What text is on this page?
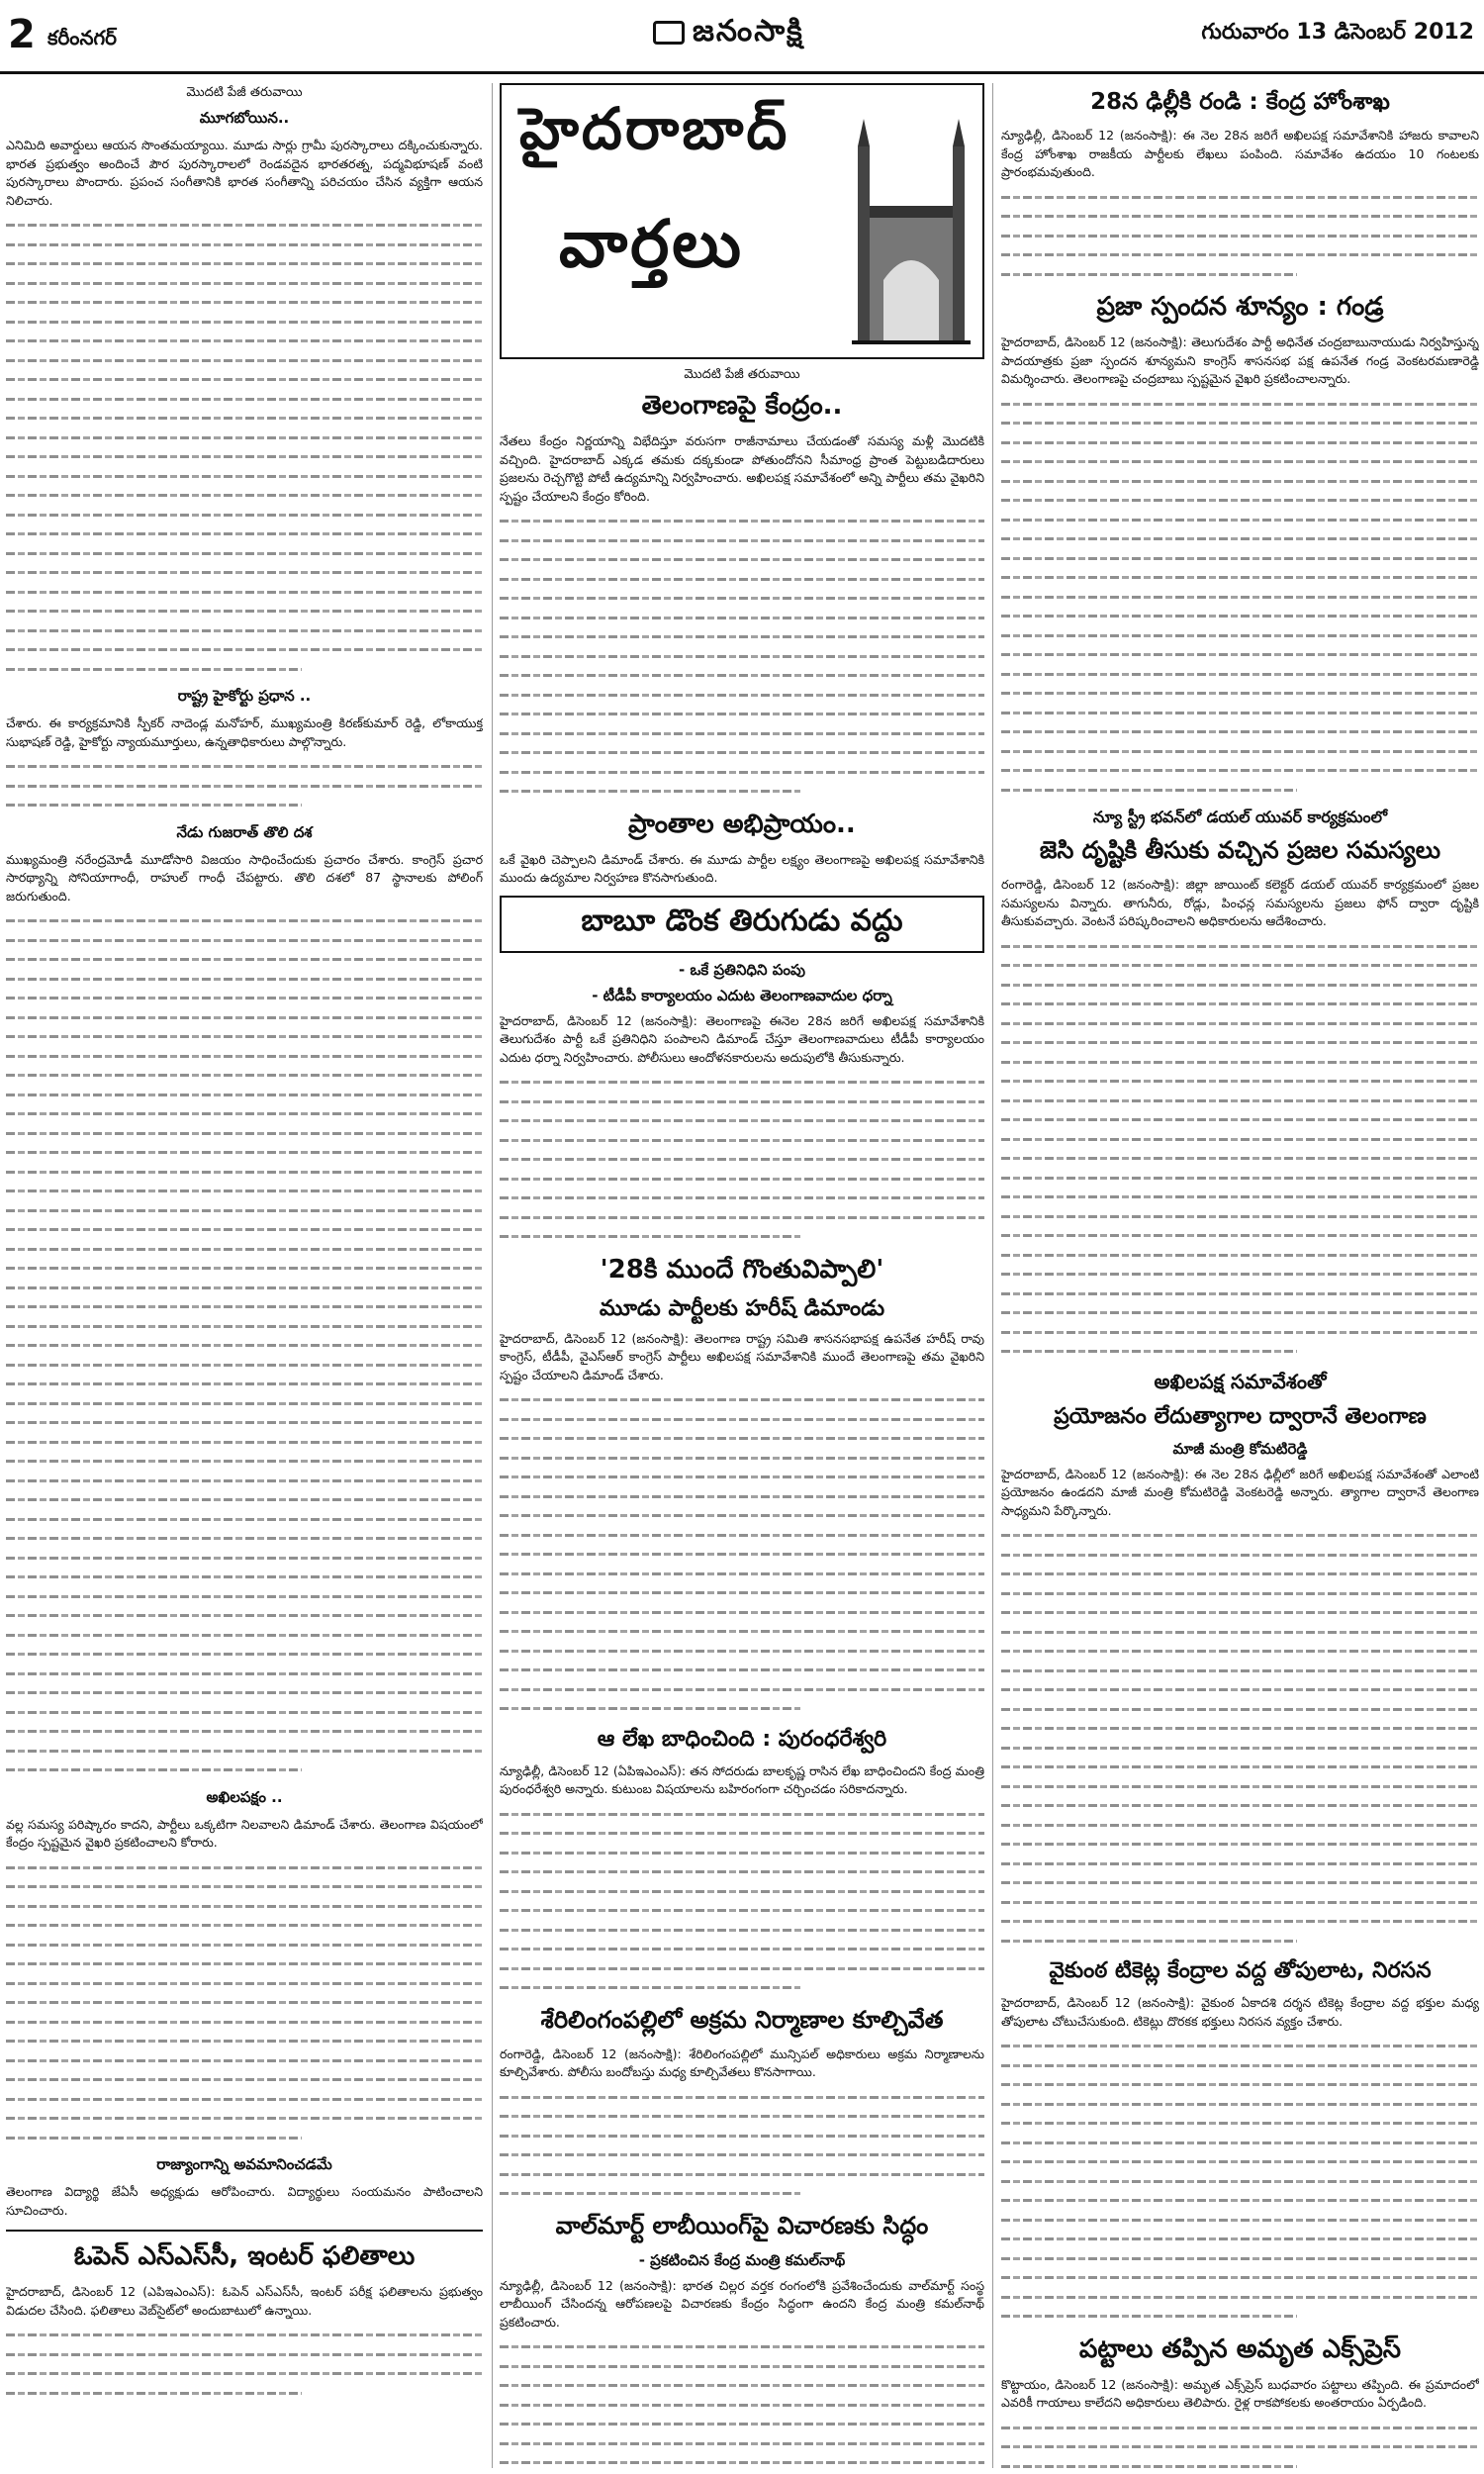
2 కరీంనగర్	జనంసాక్షి	గురువారం 13 డిసెంబర్ 2012
మొదటి పేజీ తరువాయి
మూగబోయిన..

ఎనిమిది అవార్డులు ఆయన సొంతమయ్యాయి. మూడు సార్లు గ్రామీ పురస్కారాలు దక్కించుకున్నారు. భారత ప్రభుత్వం అందించే పౌర పురస్కారాలలో రెండవదైన భారతరత్న, పద్మవిభూషణ్ వంటి పురస్కారాలు పొందారు. ప్రపంచ సంగీతానికి భారత సంగీతాన్ని పరిచయం చేసిన వ్యక్తిగా ఆయన నిలిచారు.

రాష్ట్ర హైకోర్టు ప్రధాన ..

చేశారు. ఈ కార్యక్రమానికి స్పీకర్ నాదెండ్ల మనోహర్, ముఖ్యమంత్రి కిరణ్‌కుమార్ రెడ్డి, లోకాయుక్త సుభాషణ్ రెడ్డి, హైకోర్టు న్యాయమూర్తులు, ఉన్నతాధికారులు పాల్గొన్నారు.

నేడు గుజరాత్ తొలి దశ

ముఖ్యమంత్రి నరేంద్రమోడీ మూడోసారి విజయం సాధించేందుకు ప్రచారం చేశారు. కాంగ్రెస్ ప్రచార సారథ్యాన్ని సోనియాగాంధీ, రాహుల్ గాంధీ చేపట్టారు. తొలి దశలో 87 స్థానాలకు పోలింగ్ జరుగుతుంది.

అఖిలపక్షం ..

వల్ల సమస్య పరిష్కారం కాదని, పార్టీలు ఒక్కటిగా నిలవాలని డిమాండ్ చేశారు. తెలంగాణ విషయంలో కేంద్రం స్పష్టమైన వైఖరి ప్రకటించాలని కోరారు.

రాజ్యాంగాన్ని అవమానించడమే

తెలంగాణ విద్యార్థి జేఏసీ అధ్యక్షుడు ఆరోపించారు. విద్యార్థులు సంయమనం పాటించాలని సూచించారు.

ఓపెన్ ఎస్ఎస్‌సీ, ఇంటర్ ఫలితాలు

హైదరాబాద్, డిసెంబర్ 12 (ఎపిఇఎంఎస్): ఓపెన్ ఎస్ఎస్‌సీ, ఇంటర్ పరీక్ష ఫలితాలను ప్రభుత్వం విడుదల చేసింది. ఫలితాలు వెబ్‌సైట్‌లో అందుబాటులో ఉన్నాయి.

హైదరాబాద్
వార్తలు
మొదటి పేజీ తరువాయి
తెలంగాణపై కేంద్రం..

నేతలు కేంద్రం నిర్ణయాన్ని విభేదిస్తూ వరుసగా రాజీనామాలు చేయడంతో సమస్య మళ్లీ మొదటికి వచ్చింది. హైదరాబాద్ ఎక్కడ తమకు దక్కకుండా పోతుందోనని సీమాంధ్ర ప్రాంత పెట్టుబడిదారులు ప్రజలను రెచ్చగొట్టి పోటీ ఉద్యమాన్ని నిర్వహించారు. అఖిలపక్ష సమావేశంలో అన్ని పార్టీలు తమ వైఖరిని స్పష్టం చేయాలని కేంద్రం కోరింది.

ప్రాంతాల అభిప్రాయం..

ఒకే వైఖరి చెప్పాలని డిమాండ్ చేశారు. ఈ మూడు పార్టీల లక్ష్యం తెలంగాణపై అఖిలపక్ష సమావేశానికి ముందు ఉద్యమాల నిర్వహణ కొనసాగుతుంది.

బాబూ డొంక తిరుగుడు వద్దు
- ఒకే ప్రతినిధిని పంపు
- టీడీపీ కార్యాలయం ఎదుట తెలంగాణవాదుల ధర్నా

హైదరాబాద్, డిసెంబర్ 12 (జనంసాక్షి): తెలంగాణపై ఈనెల 28న జరిగే అఖిలపక్ష సమావేశానికి తెలుగుదేశం పార్టీ ఒకే ప్రతినిధిని పంపాలని డిమాండ్ చేస్తూ తెలంగాణవాదులు టీడీపీ కార్యాలయం ఎదుట ధర్నా నిర్వహించారు. పోలీసులు ఆందోళనకారులను అదుపులోకి తీసుకున్నారు.

'28కి ముందే గొంతువిప్పాలి'
మూడు పార్టీలకు హరీష్ డిమాండు

హైదరాబాద్, డిసెంబర్ 12 (జనంసాక్షి): తెలంగాణ రాష్ట్ర సమితి శాసనసభాపక్ష ఉపనేత హరీష్ రావు కాంగ్రెస్, టీడీపీ, వైఎస్ఆర్ కాంగ్రెస్ పార్టీలు అఖిలపక్ష సమావేశానికి ముందే తెలంగాణపై తమ వైఖరిని స్పష్టం చేయాలని డిమాండ్ చేశారు.

ఆ లేఖ బాధించింది : పురంధరేశ్వరి

న్యూఢిల్లీ, డిసెంబర్ 12 (ఏపిఇఎంఎస్): తన సోదరుడు బాలకృష్ణ రాసిన లేఖ బాధించిందని కేంద్ర మంత్రి పురంధరేశ్వరి అన్నారు. కుటుంబ విషయాలను బహిరంగంగా చర్చించడం సరికాదన్నారు.

శేరిలింగంపల్లిలో అక్రమ నిర్మాణాల కూల్చివేత

రంగారెడ్డి, డిసెంబర్ 12 (జనంసాక్షి): శేరిలింగంపల్లిలో మున్సిపల్ అధికారులు అక్రమ నిర్మాణాలను కూల్చివేశారు. పోలీసు బందోబస్తు మధ్య కూల్చివేతలు కొనసాగాయి.

వాల్‌మార్ట్ లాబీయింగ్‌పై విచారణకు సిద్ధం
- ప్రకటించిన కేంద్ర మంత్రి కమల్‌నాథ్

న్యూఢిల్లీ, డిసెంబర్ 12 (జనంసాక్షి): భారత చిల్లర వర్తక రంగంలోకి ప్రవేశించేందుకు వాల్‌మార్ట్ సంస్థ లాబీయింగ్ చేసిందన్న ఆరోపణలపై విచారణకు కేంద్రం సిద్ధంగా ఉందని కేంద్ర మంత్రి కమల్‌నాథ్ ప్రకటించారు.

28న ఢిల్లీకి రండి : కేంద్ర హోంశాఖ

న్యూఢిల్లీ, డిసెంబర్ 12 (జనంసాక్షి): ఈ నెల 28న జరిగే అఖిలపక్ష సమావేశానికి హాజరు కావాలని కేంద్ర హోంశాఖ రాజకీయ పార్టీలకు లేఖలు పంపింది. సమావేశం ఉదయం 10 గంటలకు ప్రారంభమవుతుంది.

ప్రజా స్పందన శూన్యం : గండ్ర

హైదరాబాద్, డిసెంబర్ 12 (జనంసాక్షి): తెలుగుదేశం పార్టీ అధినేత చంద్రబాబునాయుడు నిర్వహిస్తున్న పాదయాత్రకు ప్రజా స్పందన శూన్యమని కాంగ్రెస్ శాసనసభ పక్ష ఉపనేత గండ్ర వెంకటరమణారెడ్డి విమర్శించారు. తెలంగాణపై చంద్రబాబు స్పష్టమైన వైఖరి ప్రకటించాలన్నారు.

న్యూ స్ట్రీ భవన్‌లో డయల్ యువర్ కార్యక్రమంలో
జెసి దృష్టికి తీసుకు వచ్చిన ప్రజల సమస్యలు

రంగారెడ్డి, డిసెంబర్ 12 (జనంసాక్షి): జిల్లా జాయింట్ కలెక్టర్ డయల్ యువర్ కార్యక్రమంలో ప్రజల సమస్యలను విన్నారు. తాగునీరు, రోడ్లు, పింఛన్ల సమస్యలను ప్రజలు ఫోన్ ద్వారా దృష్టికి తీసుకువచ్చారు. వెంటనే పరిష్కరించాలని అధికారులను ఆదేశించారు.

అఖిలపక్ష సమావేశంతో
ప్రయోజనం లేదుత్యాగాల ద్వారానే తెలంగాణ
మాజీ మంత్రి కోమటిరెడ్డి

హైదరాబాద్, డిసెంబర్ 12 (జనంసాక్షి): ఈ నెల 28న ఢిల్లీలో జరిగే అఖిలపక్ష సమావేశంతో ఎలాంటి ప్రయోజనం ఉండదని మాజీ మంత్రి కోమటిరెడ్డి వెంకటరెడ్డి అన్నారు. త్యాగాల ద్వారానే తెలంగాణ సాధ్యమని పేర్కొన్నారు.

వైకుంఠ టికెట్ల కేంద్రాల వద్ద తోపులాట, నిరసన

హైదరాబాద్, డిసెంబర్ 12 (జనంసాక్షి): వైకుంఠ ఏకాదశి దర్శన టికెట్ల కేంద్రాల వద్ద భక్తుల మధ్య తోపులాట చోటుచేసుకుంది. టికెట్లు దొరకక భక్తులు నిరసన వ్యక్తం చేశారు.

పట్టాలు తప్పిన అమృత ఎక్స్‌ప్రెస్

కొట్టాయం, డిసెంబర్ 12 (జనంసాక్షి): అమృత ఎక్స్‌ప్రెస్ బుధవారం పట్టాలు తప్పింది. ఈ ప్రమాదంలో ఎవరికీ గాయాలు కాలేదని అధికారులు తెలిపారు. రైళ్ల రాకపోకలకు అంతరాయం ఏర్పడింది.
